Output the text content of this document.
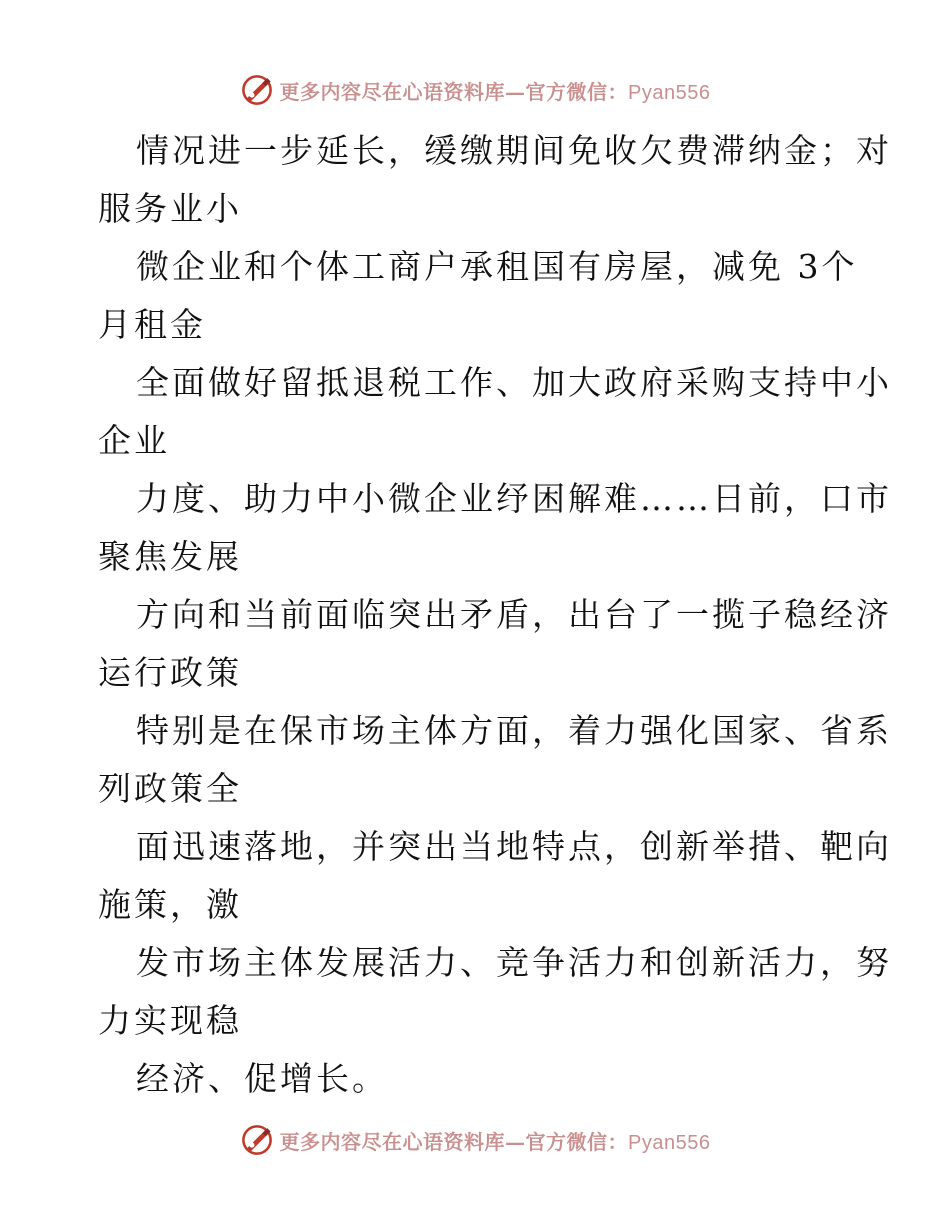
更多内容尽在心语资料库—官方微信：Pyan556

情况进一步延长，缓缴期间免收欠费滞纳金；对

服务业小

微企业和个体工商户承租国有房屋，减免 3个

月租金

全面做好留抵退税工作、加大政府采购支持中小

企业

力度、助力中小微企业纾困解难……日前，口市

聚焦发展

方向和当前面临突出矛盾，出台了一揽子稳经济

运行政策

特别是在保市场主体方面，着力强化国家、省系

列政策全

面迅速落地，并突出当地特点，创新举措、靶向

施策，激

发市场主体发展活力、竞争活力和创新活力，努

力实现稳

经济、促增长。

更多内容尽在心语资料库—官方微信：Pyan556
